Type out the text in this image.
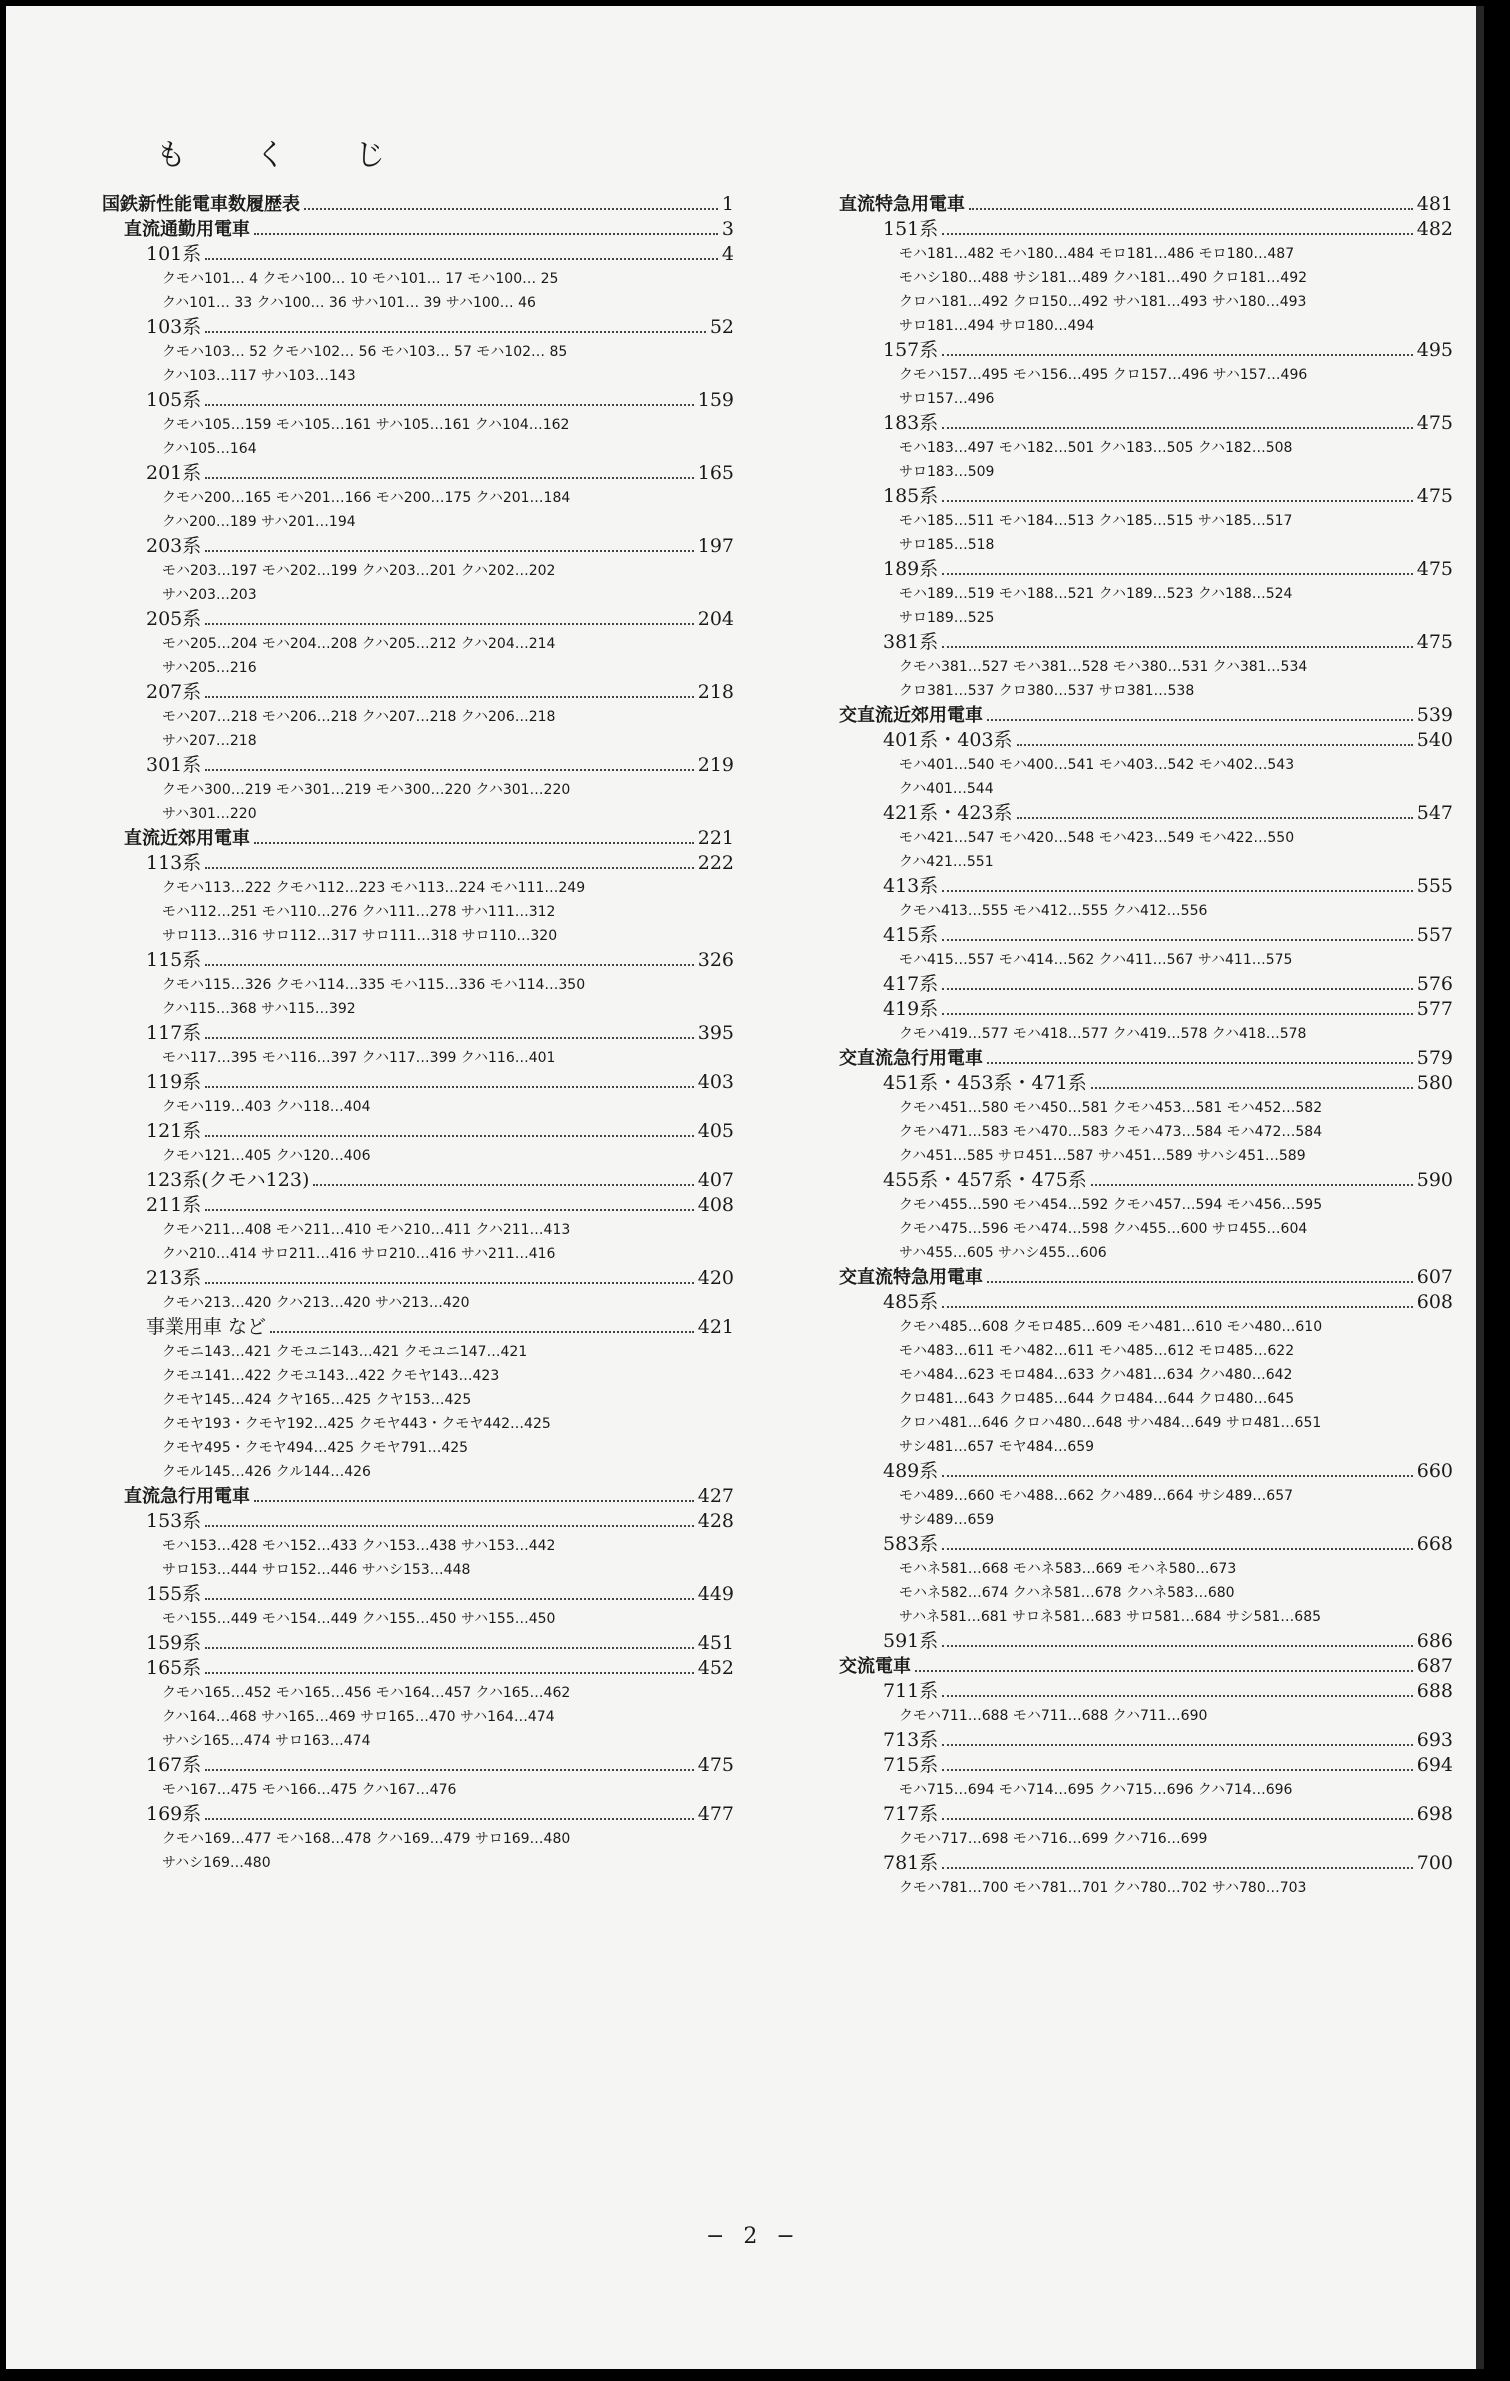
も く じ
国鉄新性能電車数履歴表	1
直流通勤用電車	3
101系	4
クモハ101… 4 クモハ100… 10 モハ101… 17 モハ100… 25
クハ101… 33 クハ100… 36 サハ101… 39 サハ100… 46
103系	52
クモハ103… 52 クモハ102… 56 モハ103… 57 モハ102… 85
クハ103…117 サハ103…143
105系	159
クモハ105…159 モハ105…161 サハ105…161 クハ104…162
クハ105…164
201系	165
クモハ200…165 モハ201…166 モハ200…175 クハ201…184
クハ200…189 サハ201…194
203系	197
モハ203…197 モハ202…199 クハ203…201 クハ202…202
サハ203…203
205系	204
モハ205…204 モハ204…208 クハ205…212 クハ204…214
サハ205…216
207系	218
モハ207…218 モハ206…218 クハ207…218 クハ206…218
サハ207…218
301系	219
クモハ300…219 モハ301…219 モハ300…220 クハ301…220
サハ301…220
直流近郊用電車	221
113系	222
クモハ113…222 クモハ112…223 モハ113…224 モハ111…249
モハ112…251 モハ110…276 クハ111…278 サハ111…312
サロ113…316 サロ112…317 サロ111…318 サロ110…320
115系	326
クモハ115…326 クモハ114…335 モハ115…336 モハ114…350
クハ115…368 サハ115…392
117系	395
モハ117…395 モハ116…397 クハ117…399 クハ116…401
119系	403
クモハ119…403 クハ118…404
121系	405
クモハ121…405 クハ120…406
123系(クモハ123)	407
211系	408
クモハ211…408 モハ211…410 モハ210…411 クハ211…413
クハ210…414 サロ211…416 サロ210…416 サハ211…416
213系	420
クモハ213…420 クハ213…420 サハ213…420
事業用車 など	421
クモニ143…421 クモユニ143…421 クモユニ147…421
クモユ141…422 クモユ143…422 クモヤ143…423
クモヤ145…424 クヤ165…425 クヤ153…425
クモヤ193・クモヤ192…425 クモヤ443・クモヤ442…425
クモヤ495・クモヤ494…425 クモヤ791…425
クモル145…426 クル144…426
直流急行用電車	427
153系	428
モハ153…428 モハ152…433 クハ153…438 サハ153…442
サロ153…444 サロ152…446 サハシ153…448
155系	449
モハ155…449 モハ154…449 クハ155…450 サハ155…450
159系	451
165系	452
クモハ165…452 モハ165…456 モハ164…457 クハ165…462
クハ164…468 サハ165…469 サロ165…470 サハ164…474
サハシ165…474 サロ163…474
167系	475
モハ167…475 モハ166…475 クハ167…476
169系	477
クモハ169…477 モハ168…478 クハ169…479 サロ169…480
サハシ169…480
直流特急用電車	481
151系	482
モハ181…482 モハ180…484 モロ181…486 モロ180…487
モハシ180…488 サシ181…489 クハ181…490 クロ181…492
クロハ181…492 クロ150…492 サハ181…493 サハ180…493
サロ181…494 サロ180…494
157系	495
クモハ157…495 モハ156…495 クロ157…496 サハ157…496
サロ157…496
183系	475
モハ183…497 モハ182…501 クハ183…505 クハ182…508
サロ183…509
185系	475
モハ185…511 モハ184…513 クハ185…515 サハ185…517
サロ185…518
189系	475
モハ189…519 モハ188…521 クハ189…523 クハ188…524
サロ189…525
381系	475
クモハ381…527 モハ381…528 モハ380…531 クハ381…534
クロ381…537 クロ380…537 サロ381…538
交直流近郊用電車	539
401系・403系	540
モハ401…540 モハ400…541 モハ403…542 モハ402…543
クハ401…544
421系・423系	547
モハ421…547 モハ420…548 モハ423…549 モハ422…550
クハ421…551
413系	555
クモハ413…555 モハ412…555 クハ412…556
415系	557
モハ415…557 モハ414…562 クハ411…567 サハ411…575
417系	576
419系	577
クモハ419…577 モハ418…577 クハ419…578 クハ418…578
交直流急行用電車	579
451系・453系・471系	580
クモハ451…580 モハ450…581 クモハ453…581 モハ452…582
クモハ471…583 モハ470…583 クモハ473…584 モハ472…584
クハ451…585 サロ451…587 サハ451…589 サハシ451…589
455系・457系・475系	590
クモハ455…590 モハ454…592 クモハ457…594 モハ456…595
クモハ475…596 モハ474…598 クハ455…600 サロ455…604
サハ455…605 サハシ455…606
交直流特急用電車	607
485系	608
クモハ485…608 クモロ485…609 モハ481…610 モハ480…610
モハ483…611 モハ482…611 モハ485…612 モロ485…622
モハ484…623 モロ484…633 クハ481…634 クハ480…642
クロ481…643 クロ485…644 クロ484…644 クロ480…645
クロハ481…646 クロハ480…648 サハ484…649 サロ481…651
サシ481…657 モヤ484…659
489系	660
モハ489…660 モハ488…662 クハ489…664 サシ489…657
サシ489…659
583系	668
モハネ581…668 モハネ583…669 モハネ580…673
モハネ582…674 クハネ581…678 クハネ583…680
サハネ581…681 サロネ581…683 サロ581…684 サシ581…685
591系	686
交流電車	687
711系	688
クモハ711…688 モハ711…688 クハ711…690
713系	693
715系	694
モハ715…694 モハ714…695 クハ715…696 クハ714…696
717系	698
クモハ717…698 モハ716…699 クハ716…699
781系	700
クモハ781…700 モハ781…701 クハ780…702 サハ780…703
− 2 −
